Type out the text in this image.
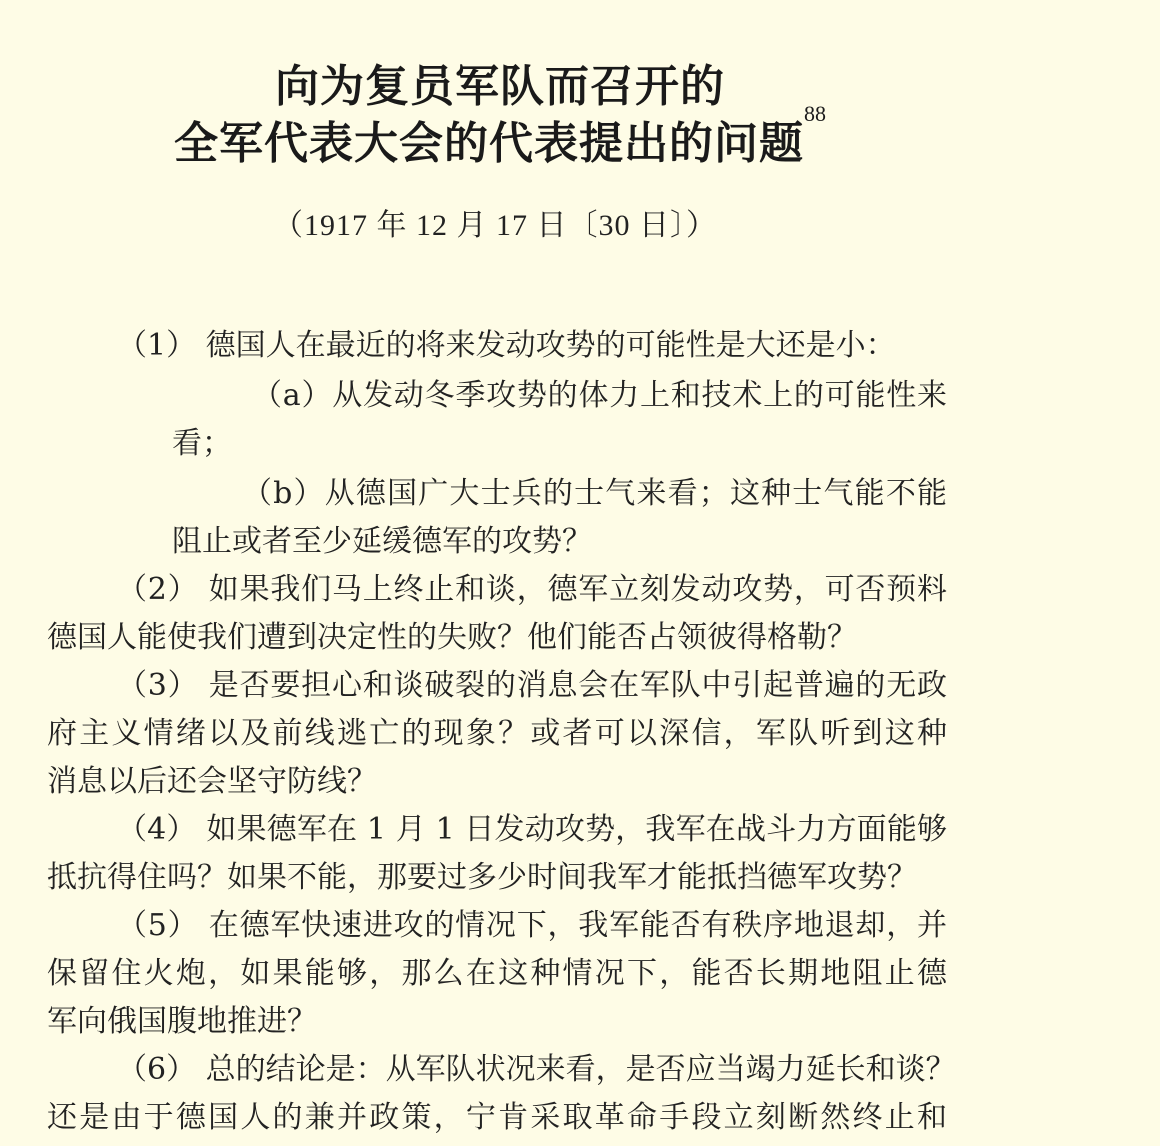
向为复员军队而召开的
全军代表大会的代表提出的问题$^{88}$
（1917 年 12 月 17 日〔30 日〕）
（1） 德国人在最近的将来发动攻势的可能性是大还是小：
（a）从发动冬季攻势的体力上和技术上的可能性来
看；
（b）从德国广大士兵的士气来看；这种士气能不能
阻止或者至少延缓德军的攻势？
（2） 如果我们马上终止和谈，德军立刻发动攻势，可否预料
德国人能使我们遭到决定性的失败？他们能否占领彼得格勒？
（3） 是否要担心和谈破裂的消息会在军队中引起普遍的无政
府主义情绪以及前线逃亡的现象？或者可以深信，军队听到这种
消息以后还会坚守防线？
（4） 如果德军在 1 月 1 日发动攻势，我军在战斗力方面能够
抵抗得住吗？如果不能，那要过多少时间我军才能抵挡德军攻势？
（5） 在德军快速进攻的情况下，我军能否有秩序地退却，并
保留住火炮，如果能够，那么在这种情况下，能否长期地阻止德
军向俄国腹地推进？
（6） 总的结论是：从军队状况来看，是否应当竭力延长和谈？
还是由于德国人的兼并政策，宁肯采取革命手段立刻断然终止和
